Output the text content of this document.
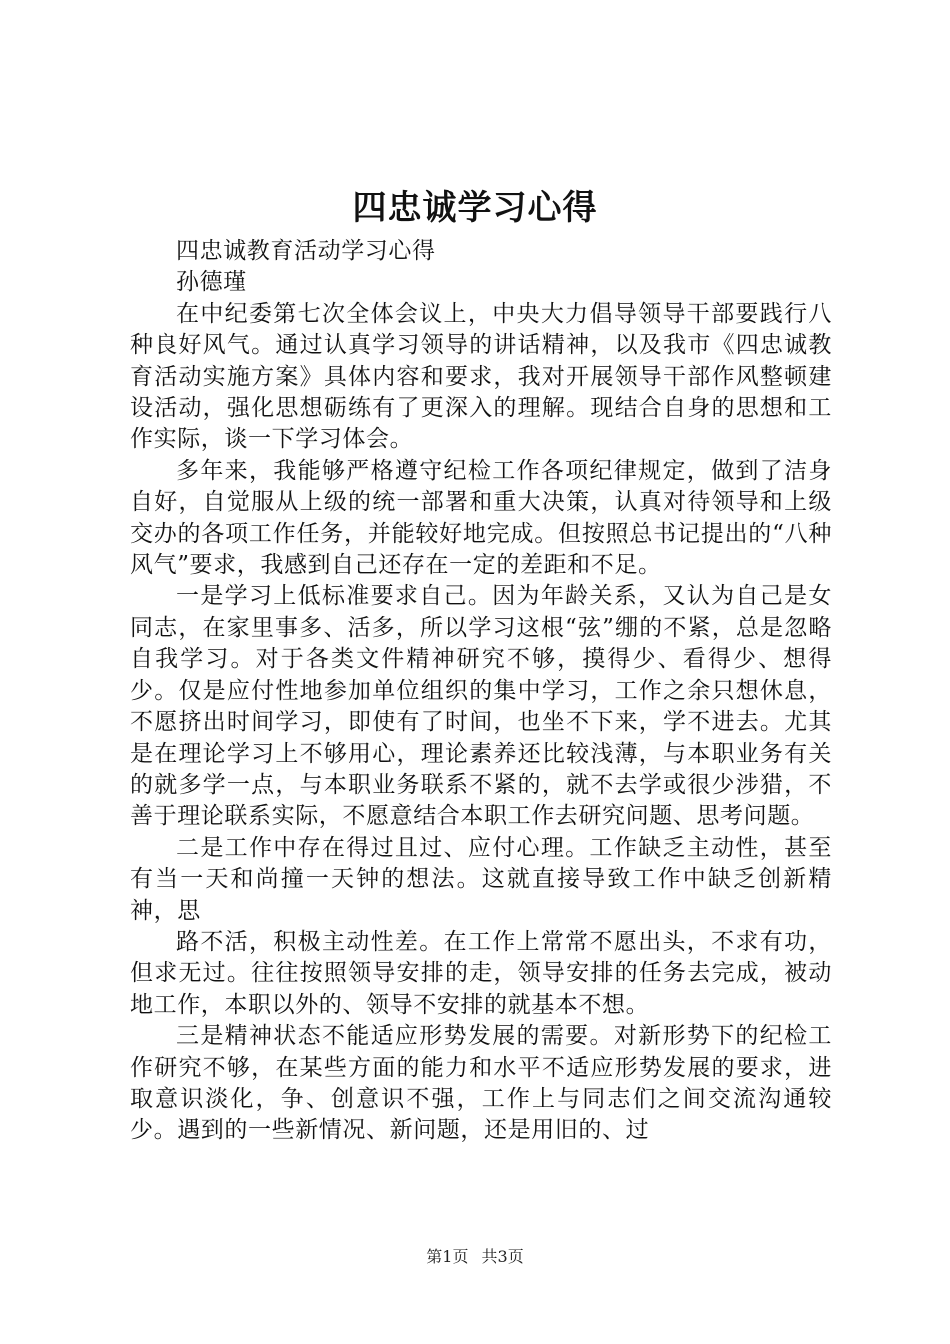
四忠诚学习心得

四忠诚教育活动学习心得

孙德瑾

在中纪委第七次全体会议上，中央大力倡导领导干部要践行八种良好风气。通过认真学习领导的讲话精神，以及我市《四忠诚教育活动实施方案》具体内容和要求，我对开展领导干部作风整顿建设活动，强化思想砺练有了更深入的理解。现结合自身的思想和工作实际，谈一下学习体会。

多年来，我能够严格遵守纪检工作各项纪律规定，做到了洁身自好，自觉服从上级的统一部署和重大决策，认真对待领导和上级交办的各项工作任务，并能较好地完成。但按照总书记提出的“八种风气”要求，我感到自己还存在一定的差距和不足。

一是学习上低标准要求自己。因为年龄关系，又认为自己是女同志，在家里事多、活多，所以学习这根“弦”绷的不紧，总是忽略自我学习。对于各类文件精神研究不够，摸得少、看得少、想得少。仅是应付性地参加单位组织的集中学习，工作之余只想休息，不愿挤出时间学习，即使有了时间，也坐不下来，学不进去。尤其是在理论学习上不够用心，理论素养还比较浅薄，与本职业务有关的就多学一点，与本职业务联系不紧的，就不去学或很少涉猎，不善于理论联系实际，不愿意结合本职工作去研究问题、思考问题。

二是工作中存在得过且过、应付心理。工作缺乏主动性，甚至有当一天和尚撞一天钟的想法。这就直接导致工作中缺乏创新精神，思

路不活，积极主动性差。在工作上常常不愿出头，不求有功，但求无过。往往按照领导安排的走，领导安排的任务去完成，被动地工作，本职以外的、领导不安排的就基本不想。

三是精神状态不能适应形势发展的需要。对新形势下的纪检工作研究不够，在某些方面的能力和水平不适应形势发展的要求，进取意识淡化，争、创意识不强，工作上与同志们之间交流沟通较少。遇到的一些新情况、新问题，还是用旧的、过

第1页 共3页
